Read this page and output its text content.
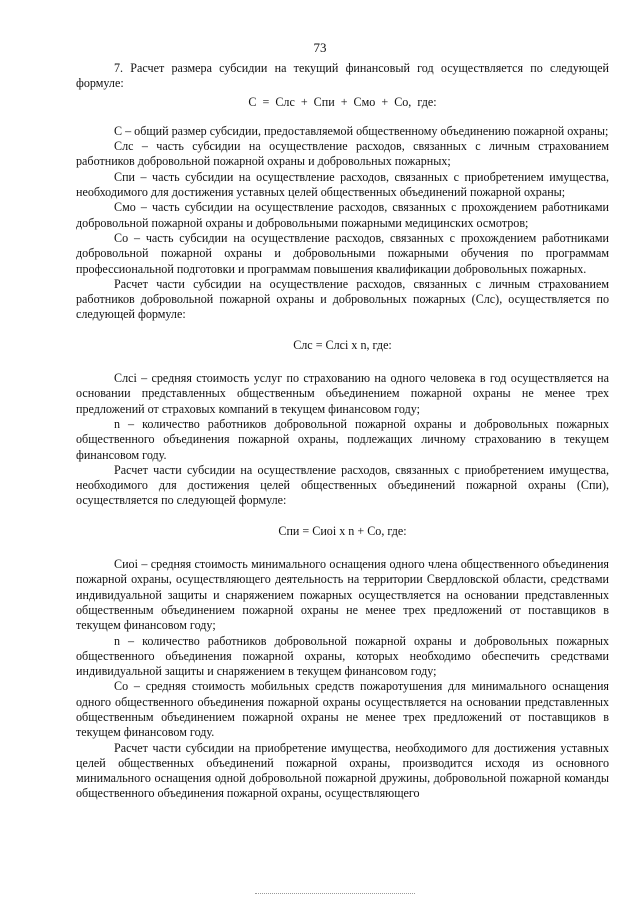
73

7. Расчет размера субсидии на текущий финансовый год осуществляется по следующей формуле:

С = Слс + Спи + Смо + Со, где:

С – общий размер субсидии, предоставляемой общественному объединению пожарной охраны;

Слс – часть субсидии на осуществление расходов, связанных с личным страхованием работников добровольной пожарной охраны и добровольных пожарных;

Спи – часть субсидии на осуществление расходов, связанных с приобретением имущества, необходимого для достижения уставных целей общественных объединений пожарной охраны;

Смо – часть субсидии на осуществление расходов, связанных с прохождением работниками добровольной пожарной охраны и добровольными пожарными медицинских осмотров;

Со – часть субсидии на осуществление расходов, связанных с прохождением работниками добровольной пожарной охраны и добровольными пожарными обучения по программам профессиональной подготовки и программам повышения квалификации добровольных пожарных.

Расчет части субсидии на осуществление расходов, связанных с личным страхованием работников добровольной пожарной охраны и добровольных пожарных (Слс), осуществляется по следующей формуле:

Слс = Слсi x n, где:

Слсi – средняя стоимость услуг по страхованию на одного человека в год осуществляется на основании представленных общественным объединением пожарной охраны не менее трех предложений от страховых компаний в текущем финансовом году;

n – количество работников добровольной пожарной охраны и добровольных пожарных общественного объединения пожарной охраны, подлежащих личному страхованию в текущем финансовом году.

Расчет части субсидии на осуществление расходов, связанных с приобретением имущества, необходимого для достижения целей общественных объединений пожарной охраны (Спи), осуществляется по следующей формуле:

Спи = Сиоi x n + Со, где:

Сиоi – средняя стоимость минимального оснащения одного члена общественного объединения пожарной охраны, осуществляющего деятельность на территории Свердловской области, средствами индивидуальной защиты и снаряжением пожарных осуществляется на основании представленных общественным объединением пожарной охраны не менее трех предложений от поставщиков в текущем финансовом году;

n – количество работников добровольной пожарной охраны и добровольных пожарных общественного объединения пожарной охраны, которых необходимо обеспечить средствами индивидуальной защиты и снаряжением в текущем финансовом году;

Со – средняя стоимость мобильных средств пожаротушения для минимального оснащения одного общественного объединения пожарной охраны осуществляется на основании представленных общественным объединением пожарной охраны не менее трех предложений от поставщиков в текущем финансовом году.

Расчет части субсидии на приобретение имущества, необходимого для достижения уставных целей общественных объединений пожарной охраны, производится исходя из основного минимального оснащения одной добровольной пожарной дружины, добровольной пожарной команды общественного объединения пожарной охраны, осуществляющего
